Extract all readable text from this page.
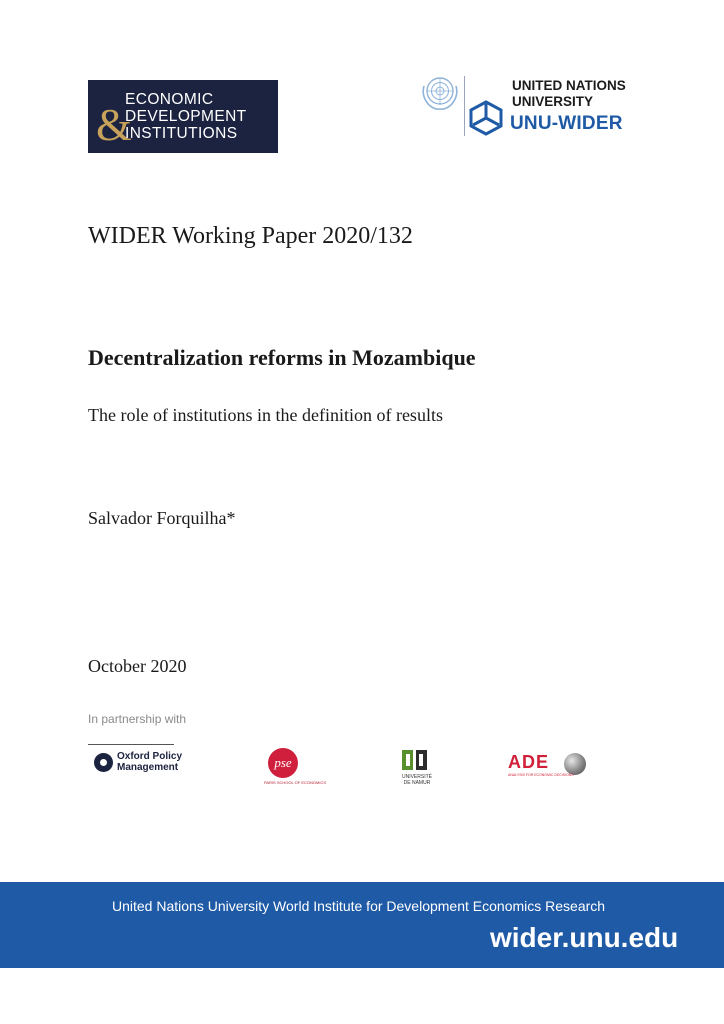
&
ECONOMIC
DEVELOPMENT
INSTITUTIONS
UNITED NATIONS
UNIVERSITY
UNU-WIDER
WIDER Working Paper 2020/132
Decentralization reforms in Mozambique
The role of institutions in the definition of results
Salvador Forquilha*
October 2020
In partnership with
Oxford Policy
Management	pse
PARIS SCHOOL OF ECONOMICS
UNIVERSITÉ
DE NAMUR
ADE
ANALYSIS FOR ECONOMIC DECISIONS
United Nations University World Institute for Development Economics Research
wider.unu.edu
